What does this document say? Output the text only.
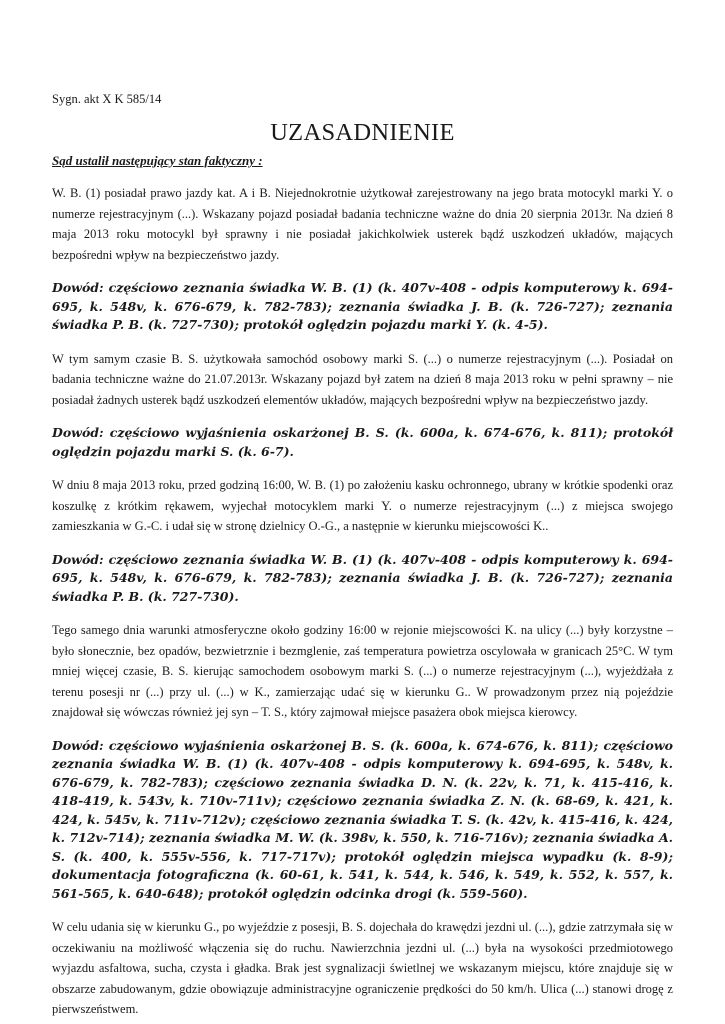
Sygn. akt X K 585/14
UZASADNIENIE
Sąd ustalił następujący stan faktyczny :

W. B. (1) posiadał prawo jazdy kat. A i B. Niejednokrotnie użytkował zarejestrowany na jego brata motocykl marki Y. o numerze rejestracyjnym (...). Wskazany pojazd posiadał badania techniczne ważne do dnia 20 sierpnia 2013r. Na dzień 8 maja 2013 roku motocykl był sprawny i nie posiadał jakichkolwiek usterek bądź uszkodzeń układów, mających bezpośredni wpływ na bezpieczeństwo jazdy.

Dowód: częściowo zeznania świadka W. B. (1) (k. 407v-408 - odpis komputerowy k. 694-695, k. 548v, k. 676-679, k. 782-783); zeznania świadka J. B. (k. 726-727); zeznania świadka P. B. (k. 727-730); protokół oględzin pojazdu marki Y. (k. 4-5).

W tym samym czasie B. S. użytkowała samochód osobowy marki S. (...) o numerze rejestracyjnym (...). Posiadał on badania techniczne ważne do 21.07.2013r. Wskazany pojazd był zatem na dzień 8 maja 2013 roku w pełni sprawny – nie posiadał żadnych usterek bądź uszkodzeń elementów układów, mających bezpośredni wpływ na bezpieczeństwo jazdy.

Dowód: częściowo wyjaśnienia oskarżonej B. S. (k. 600a, k. 674-676, k. 811); protokół oględzin pojazdu marki S. (k. 6-7).

W dniu 8 maja 2013 roku, przed godziną 16:00, W. B. (1) po założeniu kasku ochronnego, ubrany w krótkie spodenki oraz koszulkę z krótkim rękawem, wyjechał motocyklem marki Y. o numerze rejestracyjnym (...) z miejsca swojego zamieszkania w G.-C. i udał się w stronę dzielnicy O.-G., a następnie w kierunku miejscowości K..

Dowód: częściowo zeznania świadka W. B. (1) (k. 407v-408 - odpis komputerowy k. 694-695, k. 548v, k. 676-679, k. 782-783); zeznania świadka J. B. (k. 726-727); zeznania świadka P. B. (k. 727-730).

Tego samego dnia warunki atmosferyczne około godziny 16:00 w rejonie miejscowości K. na ulicy (...) były korzystne – było słonecznie, bez opadów, bezwietrznie i bezmglenie, zaś temperatura powietrza oscylowała w granicach 25°C. W tym mniej więcej czasie, B. S. kierując samochodem osobowym marki S. (...) o numerze rejestracyjnym (...), wyjeżdżała z terenu posesji nr (...) przy ul. (...) w K., zamierzając udać się w kierunku G.. W prowadzonym przez nią pojeździe znajdował się wówczas również jej syn – T. S., który zajmował miejsce pasażera obok miejsca kierowcy.

Dowód: częściowo wyjaśnienia oskarżonej B. S. (k. 600a, k. 674-676, k. 811); częściowo zeznania świadka W. B. (1) (k. 407v-408 - odpis komputerowy k. 694-695, k. 548v, k. 676-679, k. 782-783); częściowo zeznania świadka D. N. (k. 22v, k. 71, k. 415-416, k. 418-419, k. 543v, k. 710v-711v); częściowo zeznania świadka Z. N. (k. 68-69, k. 421, k. 424, k. 545v, k. 711v-712v); częściowo zeznania świadka T. S. (k. 42v, k. 415-416, k. 424, k. 712v-714); zeznania świadka M. W. (k. 398v, k. 550, k. 716-716v); zeznania świadka A. S. (k. 400, k. 555v-556, k. 717-717v); protokół oględzin miejsca wypadku (k. 8-9); dokumentacja fotograficzna (k. 60-61, k. 541, k. 544, k. 546, k. 549, k. 552, k. 557, k. 561-565, k. 640-648); protokół oględzin odcinka drogi (k. 559-560).

W celu udania się w kierunku G., po wyjeździe z posesji, B. S. dojechała do krawędzi jezdni ul. (...), gdzie zatrzymała się w oczekiwaniu na możliwość włączenia się do ruchu. Nawierzchnia jezdni ul. (...) była na wysokości przedmiotowego wyjazdu asfaltowa, sucha, czysta i gładka. Brak jest sygnalizacji świetlnej we wskazanym miejscu, które znajduje się w obszarze zabudowanym, gdzie obowiązuje administracyjne ograniczenie prędkości do 50 km/h. Ulica (...) stanowi drogę z pierwszeństwem.
